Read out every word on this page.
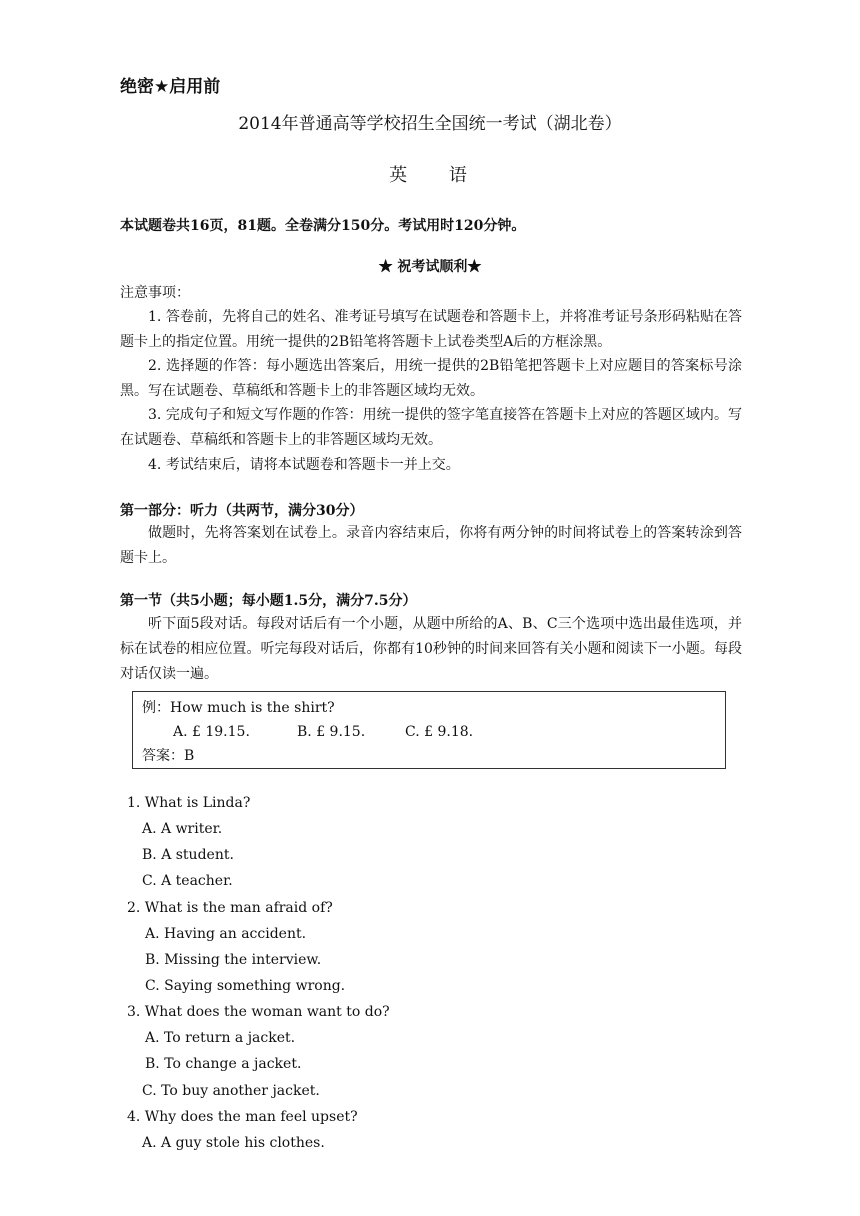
绝密★启用前
2014年普通高等学校招生全国统一考试（湖北卷）
英 语
本试题卷共16页，81题。全卷满分150分。考试用时120分钟。
★ 祝考试顺利★
注意事项：
1. 答卷前，先将自己的姓名、准考证号填写在试题卷和答题卡上，并将准考证号条形码粘贴在答题卡上的指定位置。用统一提供的2B铅笔将答题卡上试卷类型A后的方框涂黑。
2. 选择题的作答：每小题选出答案后，用统一提供的2B铅笔把答题卡上对应题目的答案标号涂黑。写在试题卷、草稿纸和答题卡上的非答题区域均无效。
3. 完成句子和短文写作题的作答：用统一提供的签字笔直接答在答题卡上对应的答题区域内。写在试题卷、草稿纸和答题卡上的非答题区域均无效。
4. 考试结束后，请将本试题卷和答题卡一并上交。
第一部分：听力（共两节，满分30分）
做题时，先将答案划在试卷上。录音内容结束后，你将有两分钟的时间将试卷上的答案转涂到答题卡上。
第一节（共5小题；每小题1.5分，满分7.5分）
听下面5段对话。每段对话后有一个小题，从题中所给的A、B、C三个选项中选出最佳选项，并标在试卷的相应位置。听完每段对话后，你都有10秒钟的时间来回答有关小题和阅读下一小题。每段对话仅读一遍。
例：How much is the shirt?
A. £ 19.15.	B. £ 9.15.	C. £ 9.18.
答案：B
1. What is Linda?
A. A writer.
B. A student.
C. A teacher.
2. What is the man afraid of?
A. Having an accident.
B. Missing the interview.
C. Saying something wrong.
3. What does the woman want to do?
A. To return a jacket.
B. To change a jacket.
C. To buy another jacket.
4. Why does the man feel upset?
A. A guy stole his clothes.
